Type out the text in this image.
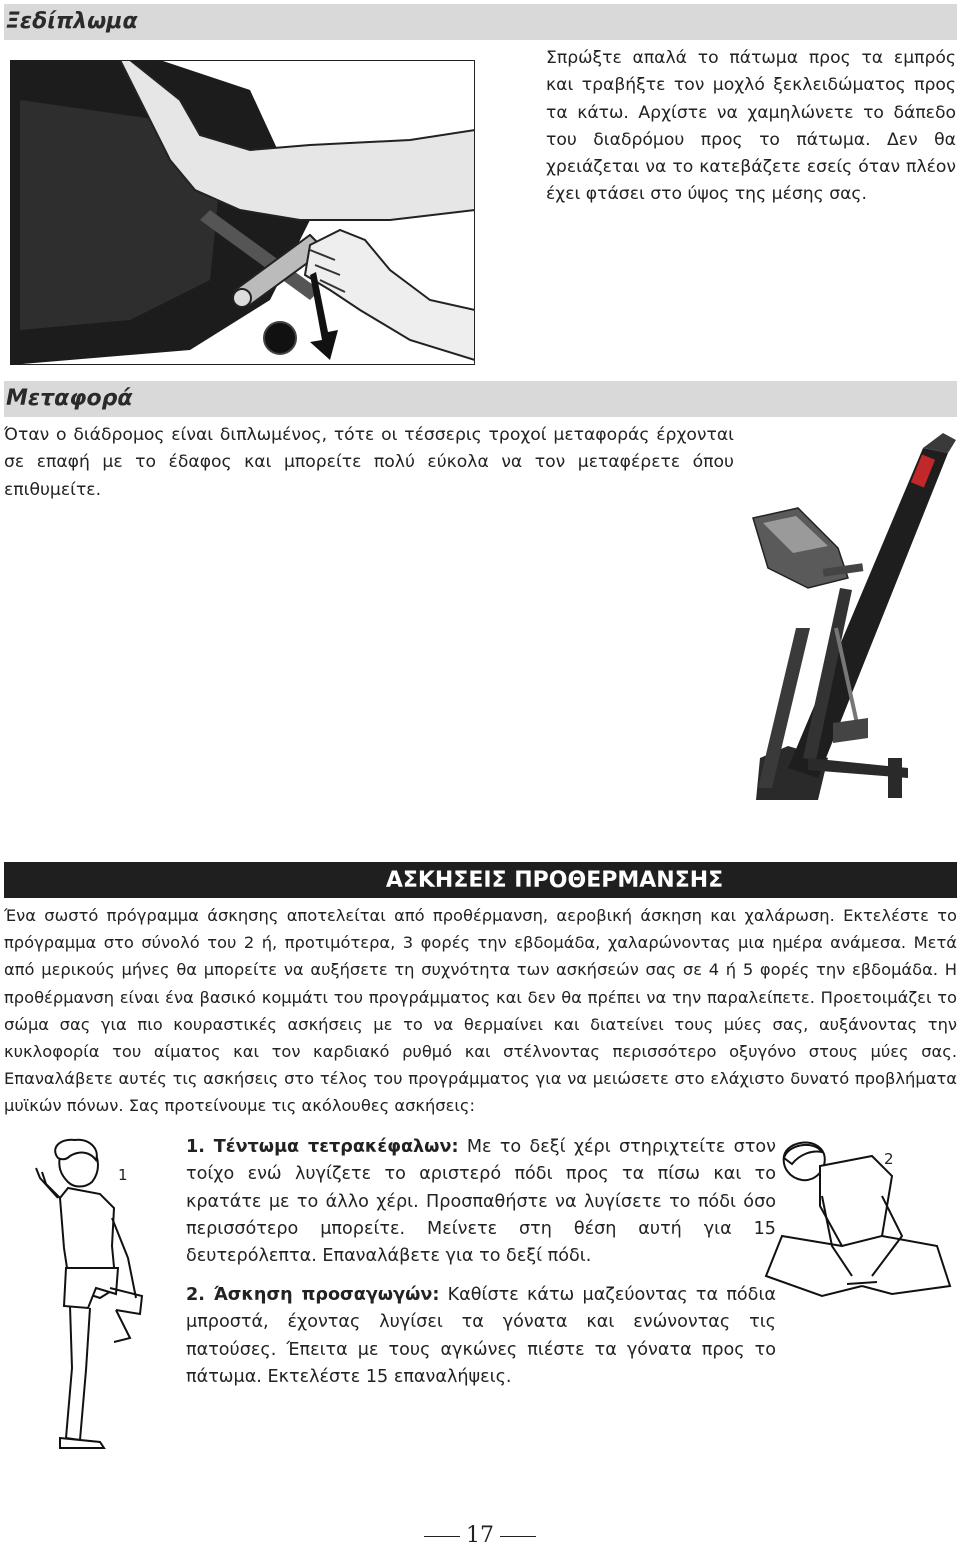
Ξεδίπλωμα
Σπρώξτε απαλά το πάτωμα προς τα εμπρός και τραβήξτε τον μοχλό ξεκλειδώματος προς τα κάτω. Αρχίστε να χαμηλώνετε το δάπεδο του διαδρόμου προς το πάτωμα. Δεν θα χρειάζεται να το κατεβάζετε εσείς όταν πλέον έχει φτάσει στο ύψος της μέσης σας.
Μεταφορά
Όταν ο διάδρομος είναι διπλωμένος, τότε οι τέσσερις τροχοί μεταφοράς έρχονται σε επαφή με το έδαφος και μπορείτε πολύ εύκολα να τον μεταφέρετε όπου επιθυμείτε.
ΑΣΚΗΣΕΙΣ ΠΡΟΘΕΡΜΑΝΣΗΣ
Ένα σωστό πρόγραμμα άσκησης αποτελείται από προθέρμανση, αεροβική άσκηση και χαλάρωση. Εκτελέστε το πρόγραμμα στο σύνολό του 2 ή, προτιμότερα, 3 φορές την εβδομάδα, χαλαρώνοντας μια ημέρα ανάμεσα. Μετά από μερικούς μήνες θα μπορείτε να αυξήσετε τη συχνότητα των ασκήσεών σας σε 4 ή 5 φορές την εβδομάδα. Η προθέρμανση είναι ένα βασικό κομμάτι του προγράμματος και δεν θα πρέπει να την παραλείπετε. Προετοιμάζει το σώμα σας για πιο κουραστικές ασκήσεις με το να θερμαίνει και διατείνει τους μύες σας, αυξάνοντας την κυκλοφορία του αίματος και τον καρδιακό ρυθμό και στέλνοντας περισσότερο οξυγόνο στους μύες σας. Επαναλάβετε αυτές τις ασκήσεις στο τέλος του προγράμματος για να μειώσετε στο ελάχιστο δυνατό προβλήματα μυϊκών πόνων. Σας προτείνουμε τις ακόλουθες ασκήσεις:
1
1. Τέντωμα τετρακέφαλων: Με το δεξί χέρι στηριχτείτε στον τοίχο ενώ λυγίζετε το αριστερό πόδι προς τα πίσω και το κρατάτε με το άλλο χέρι. Προσπαθήστε να λυγίσετε το πόδι όσο περισσότερο μπορείτε. Μείνετε στη θέση αυτή για 15 δευτερόλεπτα. Επαναλάβετε για το δεξί πόδι.
2. Άσκηση προσαγωγών: Καθίστε κάτω μαζεύοντας τα πόδια μπροστά, έχοντας λυγίσει τα γόνατα και ενώνοντας τις πατούσες. Έπειτα με τους αγκώνες πιέστε τα γόνατα προς το πάτωμα. Εκτελέστε 15 επαναλήψεις.
2
17
